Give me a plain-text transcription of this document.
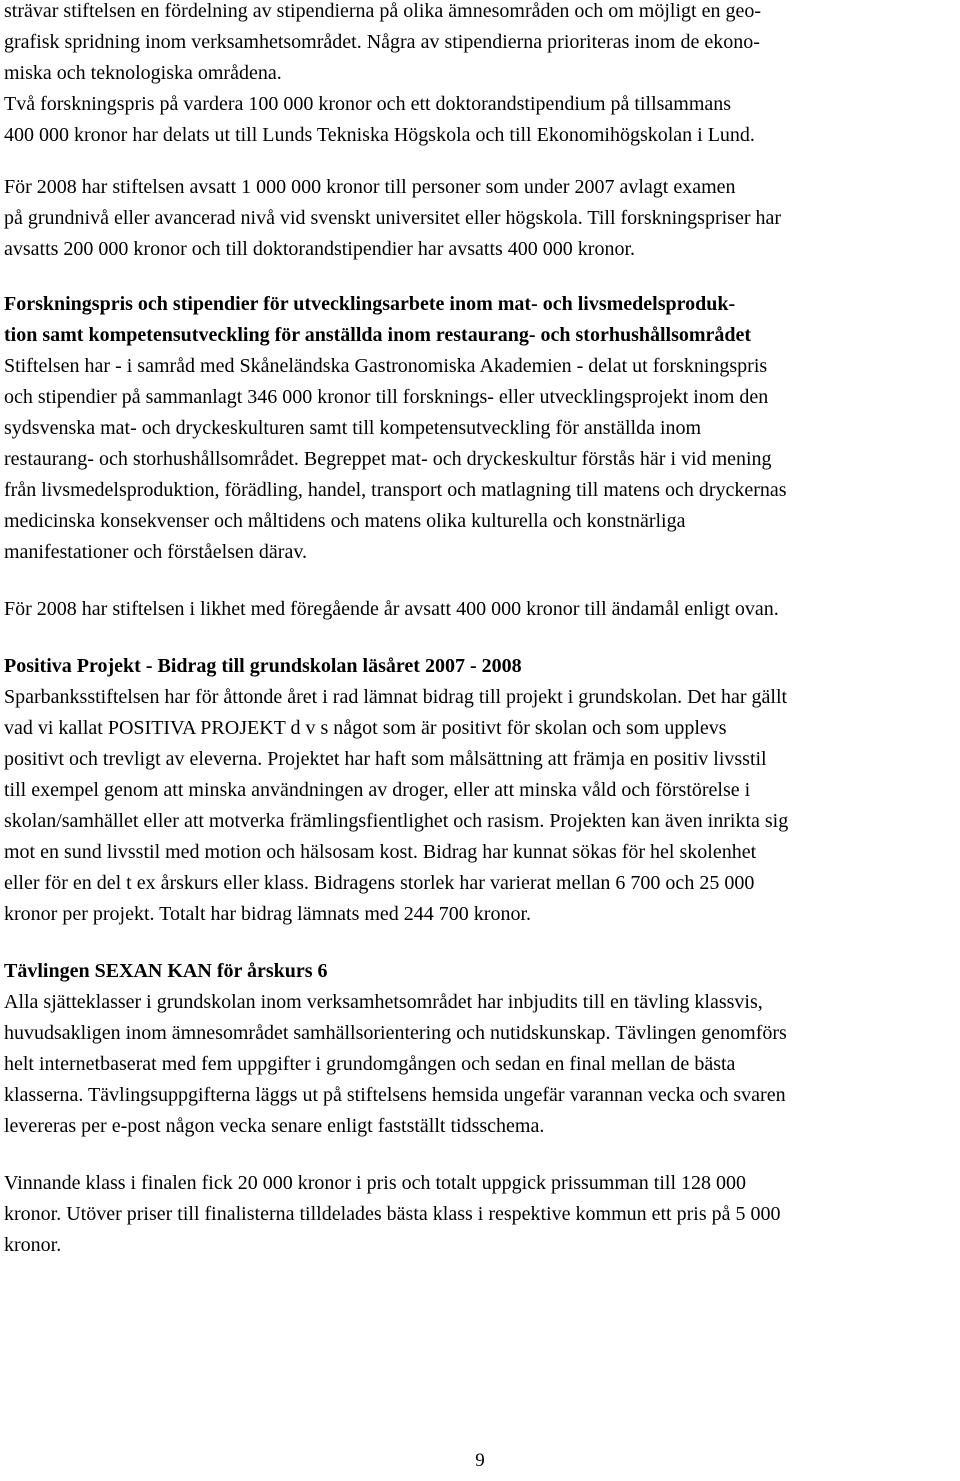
strävar stiftelsen en fördelning av stipendierna på olika ämnesområden och om möjligt en geo-
grafisk spridning inom verksamhetsområdet. Några av stipendierna prioriteras inom de ekono-
miska och teknologiska områdena.
Två forskningspris på vardera 100 000 kronor och ett doktorandstipendium på tillsammans
400 000 kronor har delats ut till Lunds Tekniska Högskola och till Ekonomihögskolan i Lund.
För 2008 har stiftelsen avsatt 1 000 000 kronor till personer som under 2007 avlagt examen
på grundnivå eller avancerad nivå vid svenskt universitet eller högskola. Till forskningspriser har
avsatts 200 000 kronor och till doktorandstipendier har avsatts 400 000 kronor.
Forskningspris och stipendier för utvecklingsarbete inom mat- och livsmedelsproduk-
tion samt kompetensutveckling för anställda inom restaurang- och storhushållsområdet
Stiftelsen har - i samråd med Skåneländska Gastronomiska Akademien - delat ut forskningspris
och stipendier på sammanlagt 346 000 kronor till forsknings- eller utvecklingsprojekt inom den
sydsvenska mat- och dryckeskulturen samt till kompetensutveckling för anställda inom
restaurang- och storhushållsområdet. Begreppet mat- och dryckeskultur förstås här i vid mening
från livsmedelsproduktion, förädling, handel, transport och matlagning till matens och dryckernas
medicinska konsekvenser och måltidens och matens olika kulturella och konstnärliga
manifestationer och förståelsen därav.
För 2008 har stiftelsen i likhet med föregående år avsatt 400 000 kronor till ändamål enligt ovan.
Positiva Projekt - Bidrag till grundskolan läsåret 2007 - 2008
Sparbanksstiftelsen har för åttonde året i rad lämnat bidrag till projekt i grundskolan. Det har gällt
vad vi kallat POSITIVA PROJEKT d v s något som är positivt för skolan och som upplevs
positivt och trevligt av eleverna. Projektet har haft som målsättning att främja en positiv livsstil
till exempel genom att minska användningen av droger, eller att minska våld och förstörelse i
skolan/samhället eller att motverka främlingsfientlighet och rasism. Projekten kan även inrikta sig
mot en sund livsstil med motion och hälsosam kost. Bidrag har kunnat sökas för hel skolenhet
eller för en del t ex årskurs eller klass. Bidragens storlek har varierat mellan 6 700 och 25 000
kronor per projekt. Totalt har bidrag lämnats med 244 700 kronor.
Tävlingen SEXAN KAN för årskurs 6
Alla sjätteklasser i grundskolan inom verksamhetsområdet har inbjudits till en tävling klassvis,
huvudsakligen inom ämnesområdet samhällsorientering och nutidskunskap. Tävlingen genomförs
helt internetbaserat med fem uppgifter i grundomgången och sedan en final mellan de bästa
klasserna. Tävlingsuppgifterna läggs ut på stiftelsens hemsida ungefär varannan vecka och svaren
levereras per e-post någon vecka senare enligt fastställt tidsschema.
Vinnande klass i finalen fick 20 000 kronor i pris och totalt uppgick prissumman till 128 000
kronor. Utöver priser till finalisterna tilldelades bästa klass i respektive kommun ett pris på 5 000
kronor.
9
